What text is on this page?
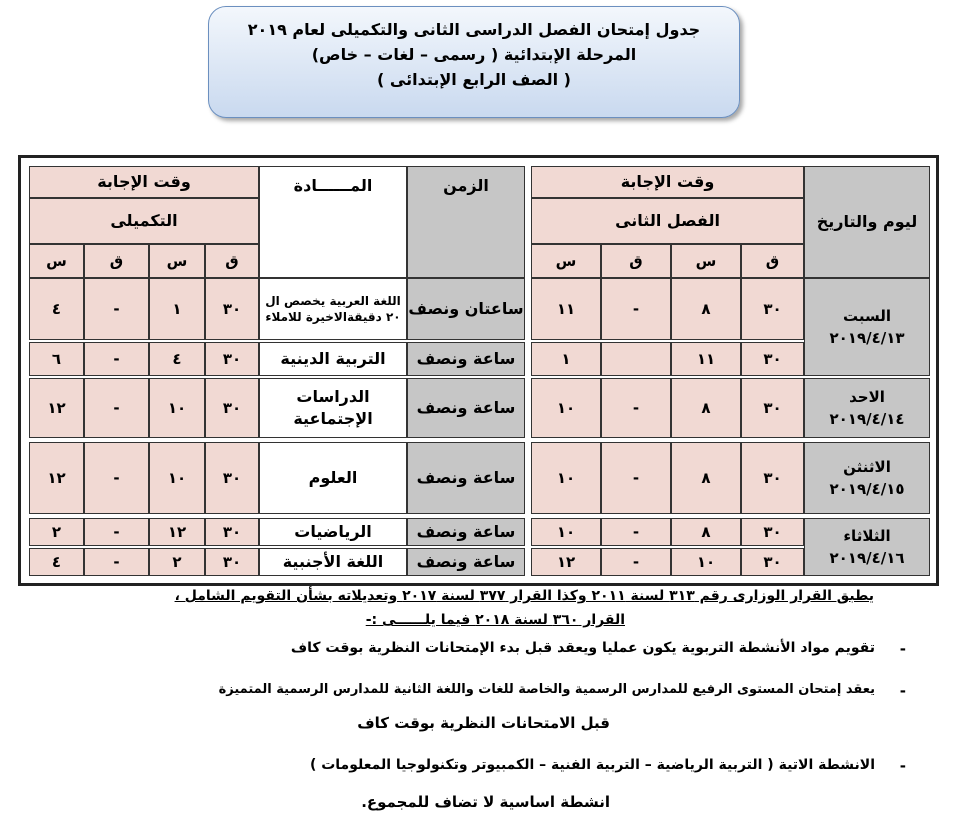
جدول إمتحان الفصل الدراسى الثانى والتكميلى لعام ٢٠١٩
المرحلة الإبتدائية ( رسمى – لغات – خاص)
( الصف الرابع الإبتدائى )
ليوم والتاريخ
وقت الإجابة
الفصل الثانى
ق
س
ق
س
الزمن
المــــــادة
وقت الإجابة
التكميلى
ق
س
ق
س
السبت
٢٠١٩/٤/١٣
الاحد
٢٠١٩/٤/١٤
الاثنثن
٢٠١٩/٤/١٥
الثلاثاء
٢٠١٩/٤/١٦
٣٠
٨
-
١١
ساعتان ونصف
اللغة العربية يخصص ال ٢٠ دقيقةالاخيرة للاملاء
٣٠
١
-
٤
٣٠
١١
١
ساعة ونصف
التربية الدينية
٣٠
٤
-
٦
٣٠
٨
-
١٠
ساعة ونصف
الدراسات الإجتماعية
٣٠
١٠
-
١٢
٣٠
٨
-
١٠
ساعة ونصف
العلوم
٣٠
١٠
-
١٢
٣٠
٨
-
١٠
ساعة ونصف
الرياضيات
٣٠
١٢
-
٢
٣٠
١٠
-
١٢
ساعة ونصف
اللغة الأجنبية
٣٠
٢
-
٤
يطبق القرار الوزارى رقم ٣١٣ لسنة ٢٠١١ وكذا القرار ٣٧٧ لسنة ٢٠١٧ وتعديلاته بشأن التقويم الشامل ،
القرار ٣٦٠ لسنة ٢٠١٨ فيما يلــــــى :-
-
تقويم مواد الأنشطة التربوية يكون عمليا ويعقد قبل بدء الإمتحانات النظرية بوقت كاف
-
يعقد إمتحان المستوى الرفيع للمدارس الرسمية والخاصة للغات واللغة الثانية للمدارس الرسمية المتميزة
قبل الامتحانات النظرية بوقت كاف
-
الانشطة الاتية ( التربية الرياضية – التربية الفنية – الكمبيوتر وتكنولوجيا المعلومات )
انشطة اساسية لا تضاف للمجموع.
